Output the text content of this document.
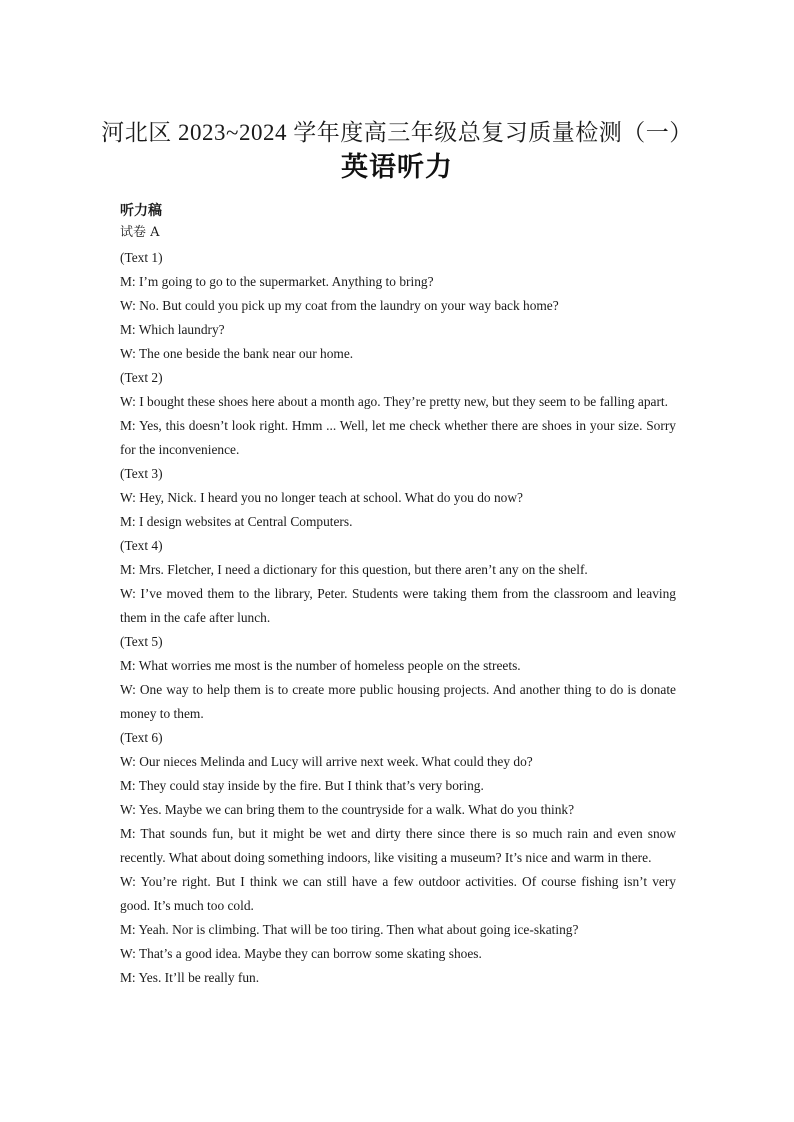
河北区 2023~2024 学年度高三年级总复习质量检测（一）
英语听力

听力稿

试卷 A

(Text 1)

M: I’m going to go to the supermarket. Anything to bring?

W: No. But could you pick up my coat from the laundry on your way back home?

M: Which laundry?

W: The one beside the bank near our home.

(Text 2)

W: I bought these shoes here about a month ago. They’re pretty new, but they seem to be falling apart.

M: Yes, this doesn’t look right. Hmm ... Well, let me check whether there are shoes in your size. Sorry for the inconvenience.

(Text 3)

W: Hey, Nick. I heard you no longer teach at school. What do you do now?

M: I design websites at Central Computers.

(Text 4)

M: Mrs. Fletcher, I need a dictionary for this question, but there aren’t any on the shelf.

W: I’ve moved them to the library, Peter. Students were taking them from the classroom and leaving them in the cafe after lunch.

(Text 5)

M: What worries me most is the number of homeless people on the streets.

W: One way to help them is to create more public housing projects. And another thing to do is donate money to them.

(Text 6)

W: Our nieces Melinda and Lucy will arrive next week. What could they do?

M: They could stay inside by the fire. But I think that’s very boring.

W: Yes. Maybe we can bring them to the countryside for a walk. What do you think?

M: That sounds fun, but it might be wet and dirty there since there is so much rain and even snow recently. What about doing something indoors, like visiting a museum? It’s nice and warm in there.

W: You’re right. But I think we can still have a few outdoor activities. Of course fishing isn’t very good. It’s much too cold.

M: Yeah. Nor is climbing. That will be too tiring. Then what about going ice-skating?

W: That’s a good idea. Maybe they can borrow some skating shoes.

M: Yes. It’ll be really fun.
